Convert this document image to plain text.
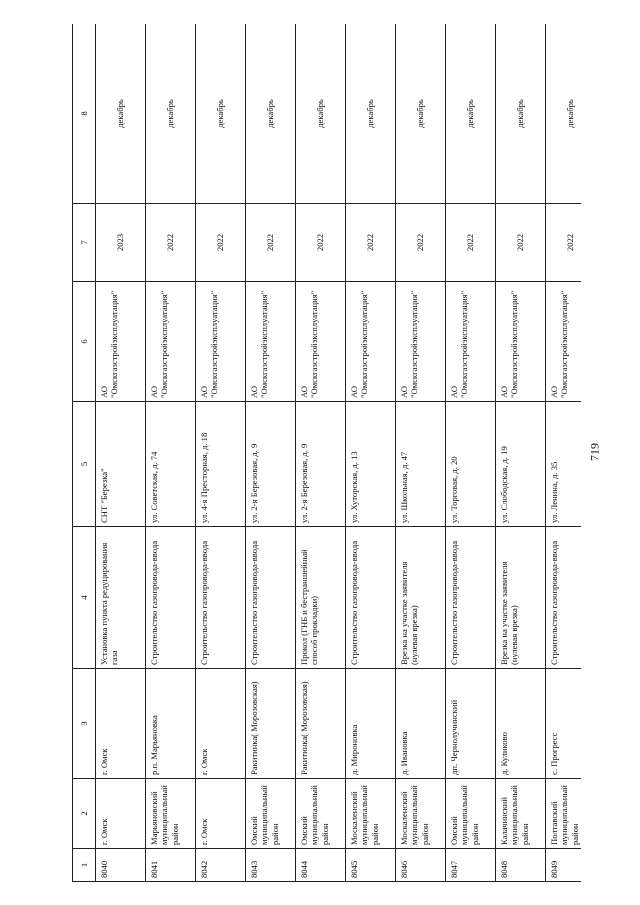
719
1	2	3	4	5	6	7	8
8040	г. Омск	г. Омск	Установка пункта редуцирования газа	СНТ "Березка"	АО "Омскгазстройэксплуатация"	2023	декабрь
8041	Марьяновский муниципальный район	р.п. Марьяновка	Строительство газопровода-ввода	ул. Советская, д. 74	АО "Омскгазстройэксплуатация"	2022	декабрь
8042	г. Омск	г. Омск	Строительство газопровода-ввода	ул. 4-я Престорная, д. 18	АО "Омскгазстройэксплуатация"	2022	декабрь
8043	Омский муниципальный район	Ракитинка( Морозовская)	Строительство газопровода-ввода	ул. 2-я Березовая, д. 9	АО "Омскгазстройэксплуатация"	2022	декабрь
8044	Омский муниципальный район	Ракитинка( Морозовская)	Прокол (ГНБ и бестраншейный способ прокладки)	ул. 2-я Березовая, д. 9	АО "Омскгазстройэксплуатация"	2022	декабрь
8045	Москаленский муниципальный район	д. Мироновка	Строительство газопровода-ввода	ул. Хуторская, д. 13	АО "Омскгазстройэксплуатация"	2022	декабрь
8046	Москаленский муниципальный район	д. Ивановка	Врезка на участке заявителя (нулевая врезка)	ул. Школьная, д. 47	АО "Омскгазстройэксплуатация"	2022	декабрь
8047	Омский муниципальный район	дп. Чернолучинский	Строительство газопровода-ввода	ул. Торговая, д. 20	АО "Омскгазстройэксплуатация"	2022	декабрь
8048	Калачинский муниципальный район	д. Куликово	Врезка на участке заявителя (нулевая врезка)	ул. Слободская, д. 19	АО "Омскгазстройэксплуатация"	2022	декабрь
8049	Полтавский муниципальный район	с. Прогресс	Строительство газопровода-ввода	ул. Ленина, д. 35	АО "Омскгазстройэксплуатация"	2022	декабрь
